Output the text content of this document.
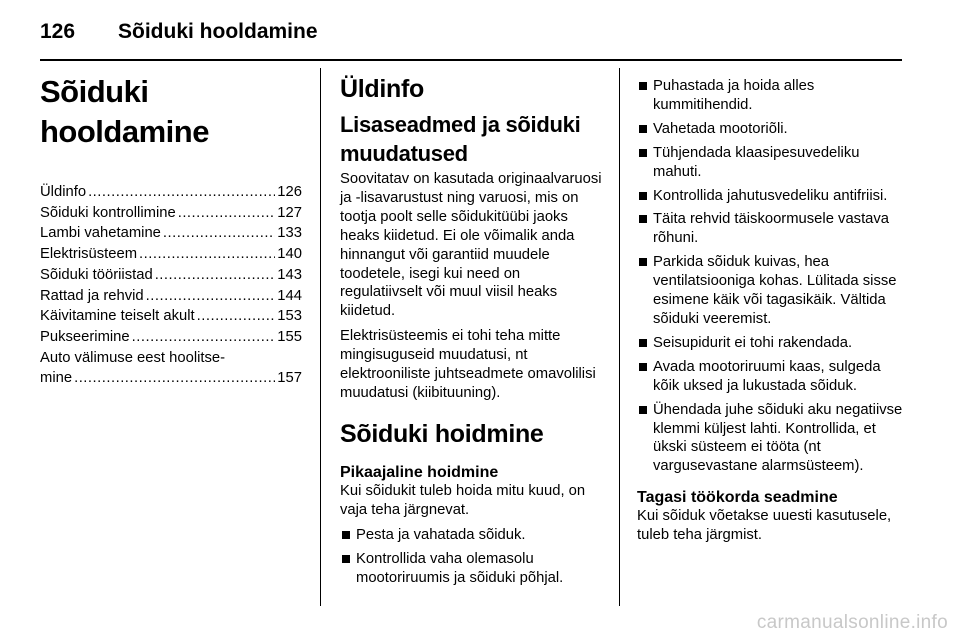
126 Sõiduki hooldamine
Sõiduki hooldamine
Üldinfo .....	126
Sõiduki kontrollimine .....	127
Lambi vahetamine .....	133
Elektrisüsteem .....	140
Sõiduki tööriistad .....	143
Rattad ja rehvid .....	144
Käivitamine teiselt akult .....	153
Pukseerimine .....	155
Auto välimuse eest hoolitse-
mine .....	157
Üldinfo
Lisaseadmed ja sõiduki muudatused

Soovitatav on kasutada originaalvaruosi ja -lisavarustust ning varuosi, mis on tootja poolt selle sõidukitüübi jaoks heaks kiidetud. Ei ole võimalik anda hinnangut või garantiid muudele toodetele, isegi kui need on regulatiivselt või muul viisil heaks kiidetud.

Elektrisüsteemis ei tohi teha mitte mingisuguseid muudatusi, nt elektrooniliste juhtseadmete omavolilisi muudatusi (kiibituuning).

Sõiduki hoidmine
Pikaajaline hoidmine

Kui sõidukit tuleb hoida mitu kuud, on vaja teha järgnevat.

Pesta ja vahatada sõiduk.
Kontrollida vaha olemasolu mootoriruumis ja sõiduki põhjal.
Puhastada ja hoida alles kummitihendid.
Vahetada mootoriõli.
Tühjendada klaasipesuvedeliku mahuti.
Kontrollida jahutusvedeliku antifriisi.
Täita rehvid täiskoormusele vastava rõhuni.
Parkida sõiduk kuivas, hea ventilatsiooniga kohas. Lülitada sisse esimene käik või tagasikäik. Vältida sõiduki veeremist.
Seisupidurit ei tohi rakendada.
Avada mootoriruumi kaas, sulgeda kõik uksed ja lukustada sõiduk.
Ühendada juhe sõiduki aku negatiivse klemmi küljest lahti. Kontrollida, et ükski süsteem ei tööta (nt vargusevastane alarmsüsteem).
Tagasi töökorda seadmine

Kui sõiduk võetakse uuesti kasutusele, tuleb teha järgmist.

carmanualsonline.info
